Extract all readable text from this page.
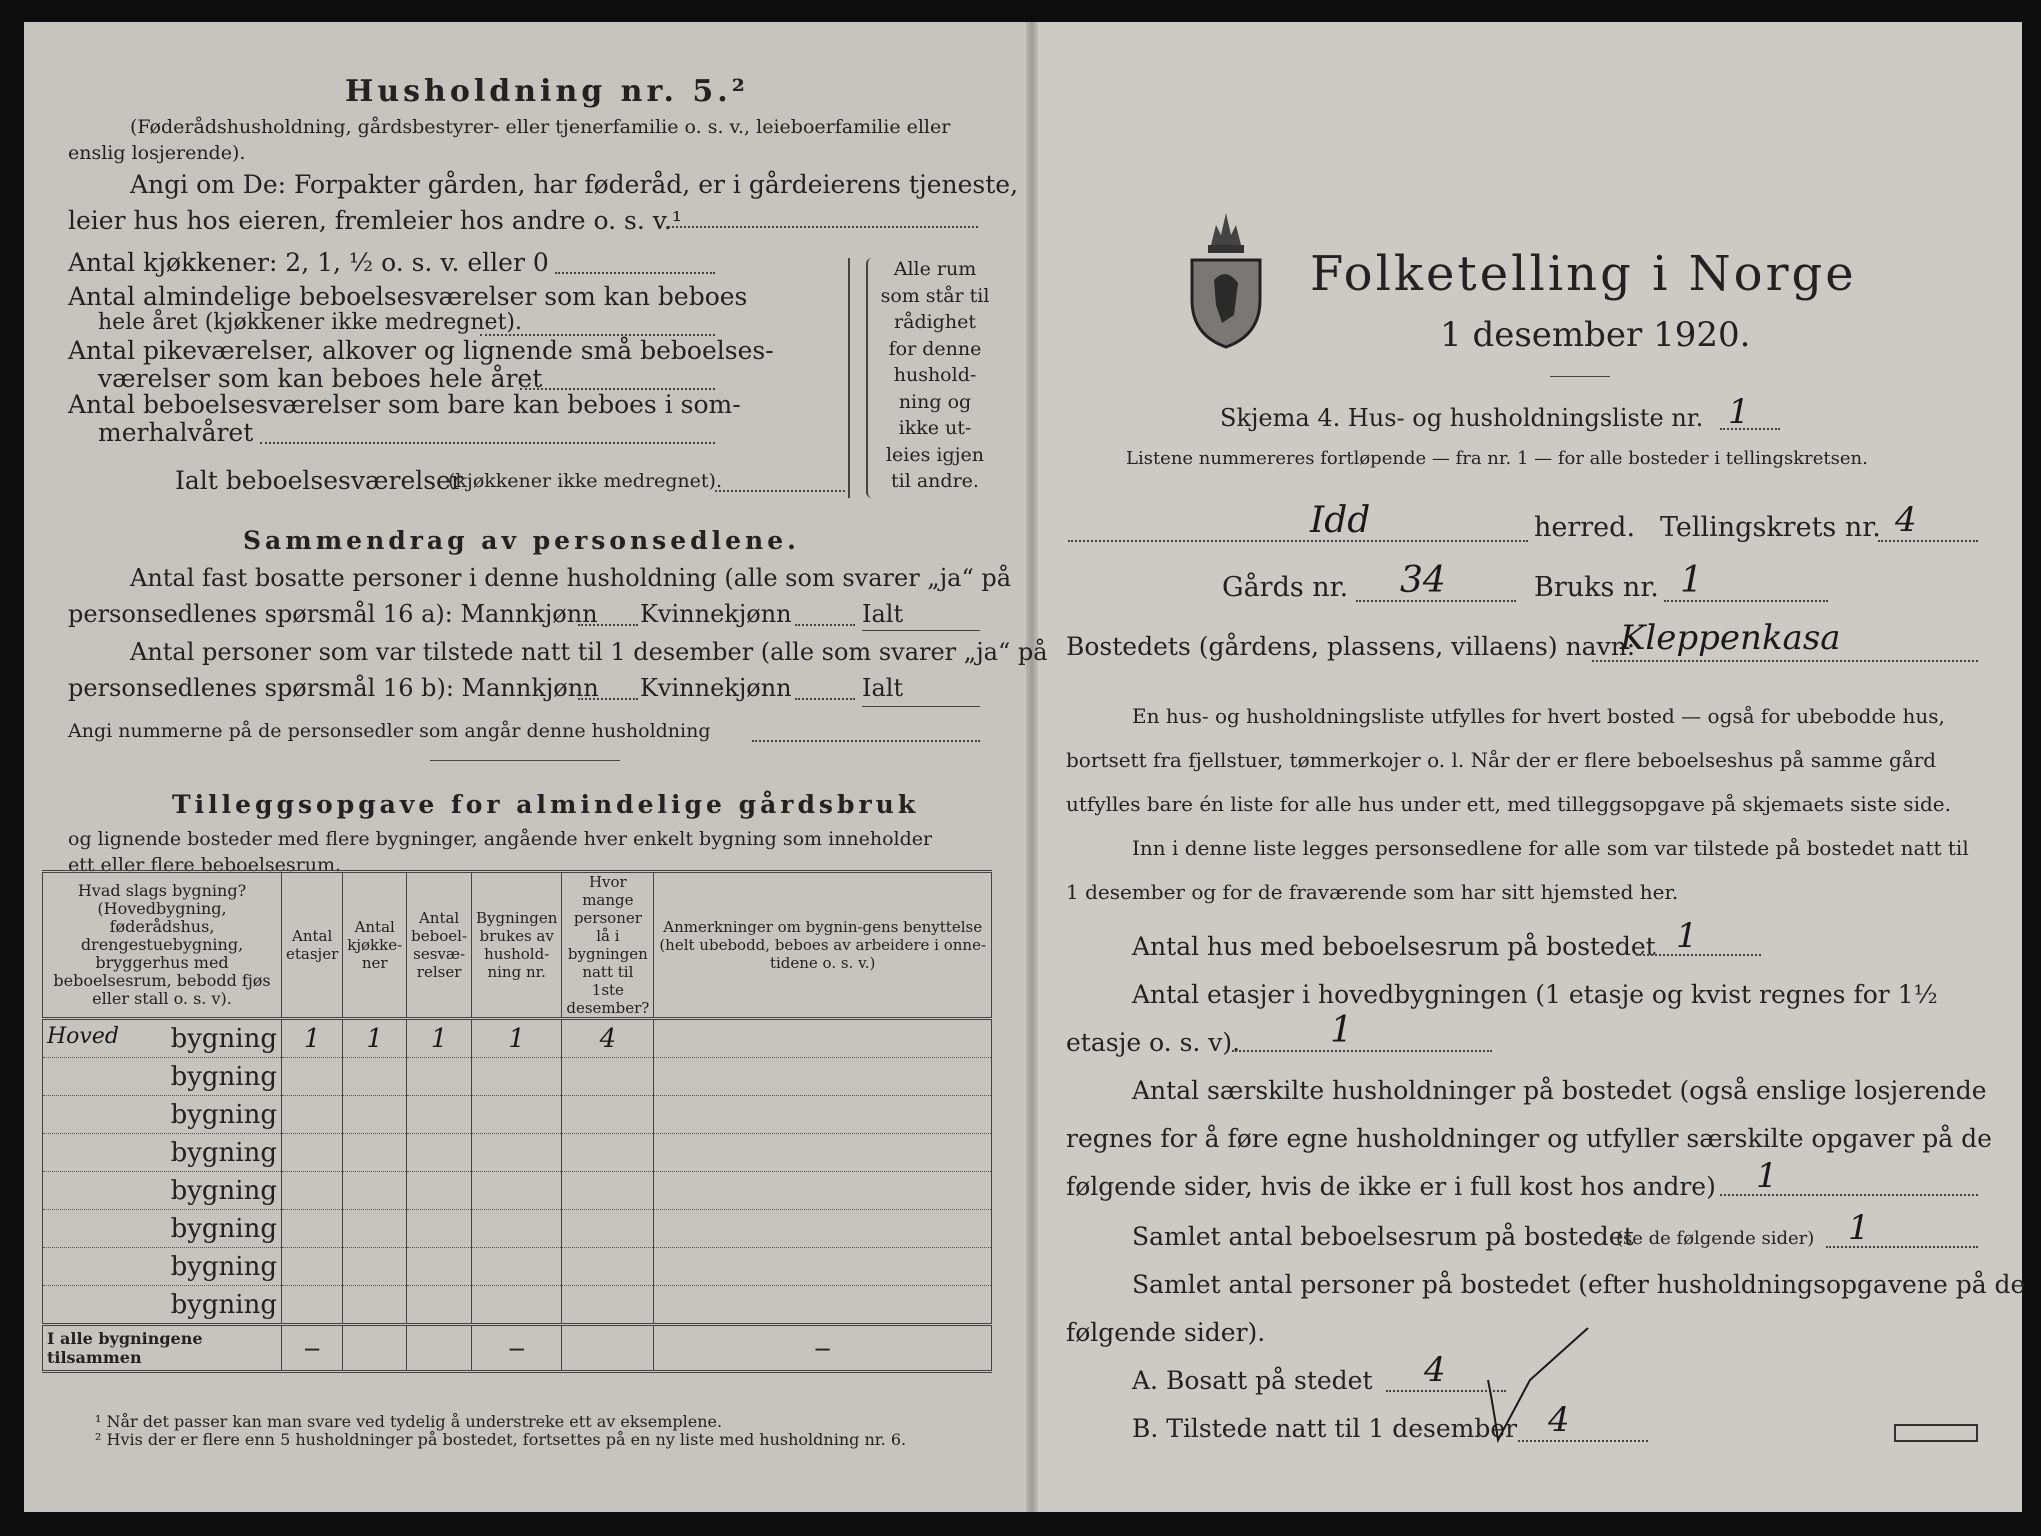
Husholdning nr. 5.²
(Føderådshusholdning, gårdsbestyrer- eller tjenerfamilie o. s. v., leieboerfamilie eller
enslig losjerende).
Angi om De: Forpakter gården, har føderåd, er i gårdeierens tjeneste,
leier hus hos eieren, fremleier hos andre o. s. v.¹
Antal kjøkkener: 2, 1, ½ o. s. v. eller 0
Antal almindelige beboelsesværelser som kan beboes
hele året (kjøkkener ikke medregnet).
Antal pikeværelser, alkover og lignende små beboelses-
værelser som kan beboes hele året
Antal beboelsesværelser som bare kan beboes i som-
merhalvåret
Ialt beboelsesværelser
(kjøkkener ikke medregnet).
Alle rum
som står til
rådighet
for denne
hushold-
ning og
ikke ut-
leies igjen
til andre.
Sammendrag av personsedlene.
Antal fast bosatte personer i denne husholdning (alle som svarer „ja“ på
personsedlenes spørsmål 16 a): Mannkjønn Kvinnekjønn	Ialt
Antal personer som var tilstede natt til 1 desember (alle som svarer „ja“ på
personsedlenes spørsmål 16 b): Mannkjønn Kvinnekjønn	Ialt
Angi nummerne på de personsedler som angår denne husholdning
Tilleggsopgave for almindelige gårdsbruk
og lignende bosteder med flere bygninger, angående hver enkelt bygning som inneholder
ett eller flere beboelsesrum.
Hvad slags bygning? (Hovedbygning, føderådshus, drengestuebygning, bryggerhus med beboelsesrum, bebodd fjøs eller stall o. s. v).	Antal etasjer	Antal kjøkke-ner	Antal beboel-sesvæ-relser	Bygningen brukes av hushold-ning nr.	Hvor mange personer lå i bygningen natt til 1ste desember?	Anmerkninger om bygnin-gens benyttelse (helt ubebodd, beboes av arbeidere i onne-tidene o. s. v.)

Hoved bygning	1	1	1	1	4	
bygning						
bygning						
bygning						
bygning						
bygning						
bygning						
bygning						
I alle bygningene tilsammen	—			—		—
¹ Når det passer kan man svare ved tydelig å understreke ett av eksemplene.
² Hvis der er flere enn 5 husholdninger på bostedet, fortsettes på en ny liste med husholdning nr. 6.
Folketelling i Norge
1 desember 1920.
Skjema 4. Hus- og husholdningsliste nr. 1
Listene nummereres fortløpende — fra nr. 1 — for alle bosteder i tellingskretsen.
Idd	herred. Tellingskrets nr. 4
Gårds nr. 34	Bruks nr. 1
Bostedets (gårdens, plassens, villaens) navn:
Kleppenkasa
En hus- og husholdningsliste utfylles for hvert bosted — også for ubebodde hus,
bortsett fra fjellstuer, tømmerkojer o. l. Når der er flere beboelseshus på samme gård
utfylles bare én liste for alle hus under ett, med tilleggsopgave på skjemaets siste side.
Inn i denne liste legges personsedlene for alle som var tilstede på bostedet natt til
1 desember og for de fraværende som har sitt hjemsted her.
Antal hus med beboelsesrum på bostedet 1
Antal etasjer i hovedbygningen (1 etasje og kvist regnes for 1½
etasje o. s. v). 1
Antal særskilte husholdninger på bostedet (også enslige losjerende
regnes for å føre egne husholdninger og utfyller særskilte opgaver på de
følgende sider, hvis de ikke er i full kost hos andre) 1
Samlet antal beboelsesrum på bostedet
(se de følgende sider) 1
Samlet antal personer på bostedet (efter husholdningsopgavene på de
følgende sider).
A. Bosatt på stedet 4
B. Tilstede natt til 1 desember 4
